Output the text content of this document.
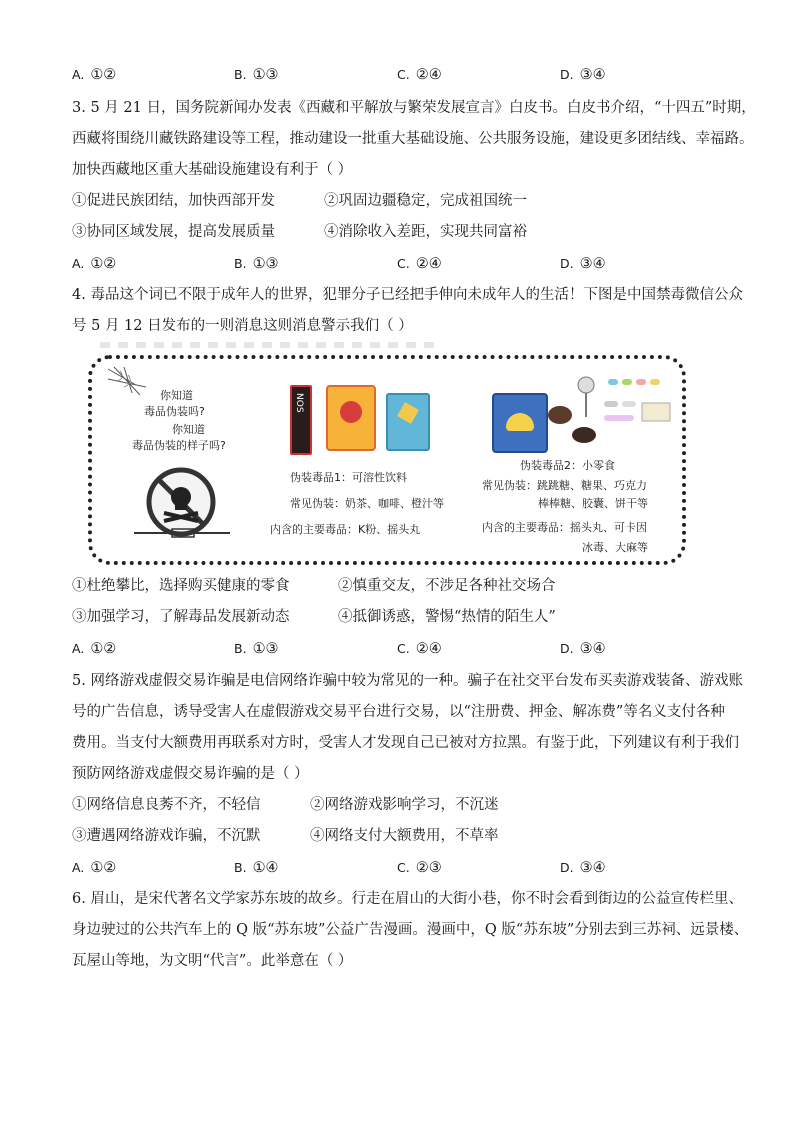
A. ①②	B. ①③	C. ②④	D. ③④
3. 5 月 21 日，国务院新闻办发表《西藏和平解放与繁荣发展宣言》白皮书。白皮书介绍，“十四五”时期，
西藏将围绕川藏铁路建设等工程，推动建设一批重大基础设施、公共服务设施，建设更多团结线、幸福路。
加快西藏地区重大基础设施建设有利于（ ）
①促进民族团结，加快西部开发	②巩固边疆稳定，完成祖国统一
③协同区域发展，提高发展质量	④消除收入差距，实现共同富裕
A. ①②	B. ①③	C. ②④	D. ③④
4. 毒品这个词已不限于成年人的世界，犯罪分子已经把手伸向未成年人的生活！下图是中国禁毒微信公众
号 5 月 12 日发布的一则消息这则消息警示我们（ ）
你知道
毒品伪装吗?
你知道
毒品伪装的样子吗?
NOS
伪装毒品1：可溶性饮料
常见伪装：奶茶、咖啡、橙汁等
内含的主要毒品：K粉、摇头丸
伪装毒品2：小零食
常见伪装：跳跳糖、糖果、巧克力
棒棒糖、胶囊、饼干等
内含的主要毒品：摇头丸、可卡因
冰毒、大麻等
①杜绝攀比，选择购买健康的零食	②慎重交友，不涉足各种社交场合
③加强学习，了解毒品发展新动态	④抵御诱惑，警惕“热情的陌生人”
A. ①②	B. ①③	C. ②④	D. ③④
5. 网络游戏虚假交易诈骗是电信网络诈骗中较为常见的一种。骗子在社交平台发布买卖游戏装备、游戏账
号的广告信息，诱导受害人在虚假游戏交易平台进行交易，以“注册费、押金、解冻费”等名义支付各种
费用。当支付大额费用再联系对方时，受害人才发现自己已被对方拉黑。有鉴于此，下列建议有利于我们
预防网络游戏虚假交易诈骗的是（ ）
①网络信息良莠不齐，不轻信	②网络游戏影响学习，不沉迷
③遭遇网络游戏诈骗，不沉默	④网络支付大额费用，不草率
A. ①②	B. ①④	C. ②③	D. ③④
6. 眉山，是宋代著名文学家苏东坡的故乡。行走在眉山的大街小巷，你不时会看到街边的公益宣传栏里、
身边驶过的公共汽车上的 Q 版“苏东坡”公益广告漫画。漫画中，Q 版“苏东坡”分别去到三苏祠、远景楼、
瓦屋山等地，为文明“代言”。此举意在（ ）
